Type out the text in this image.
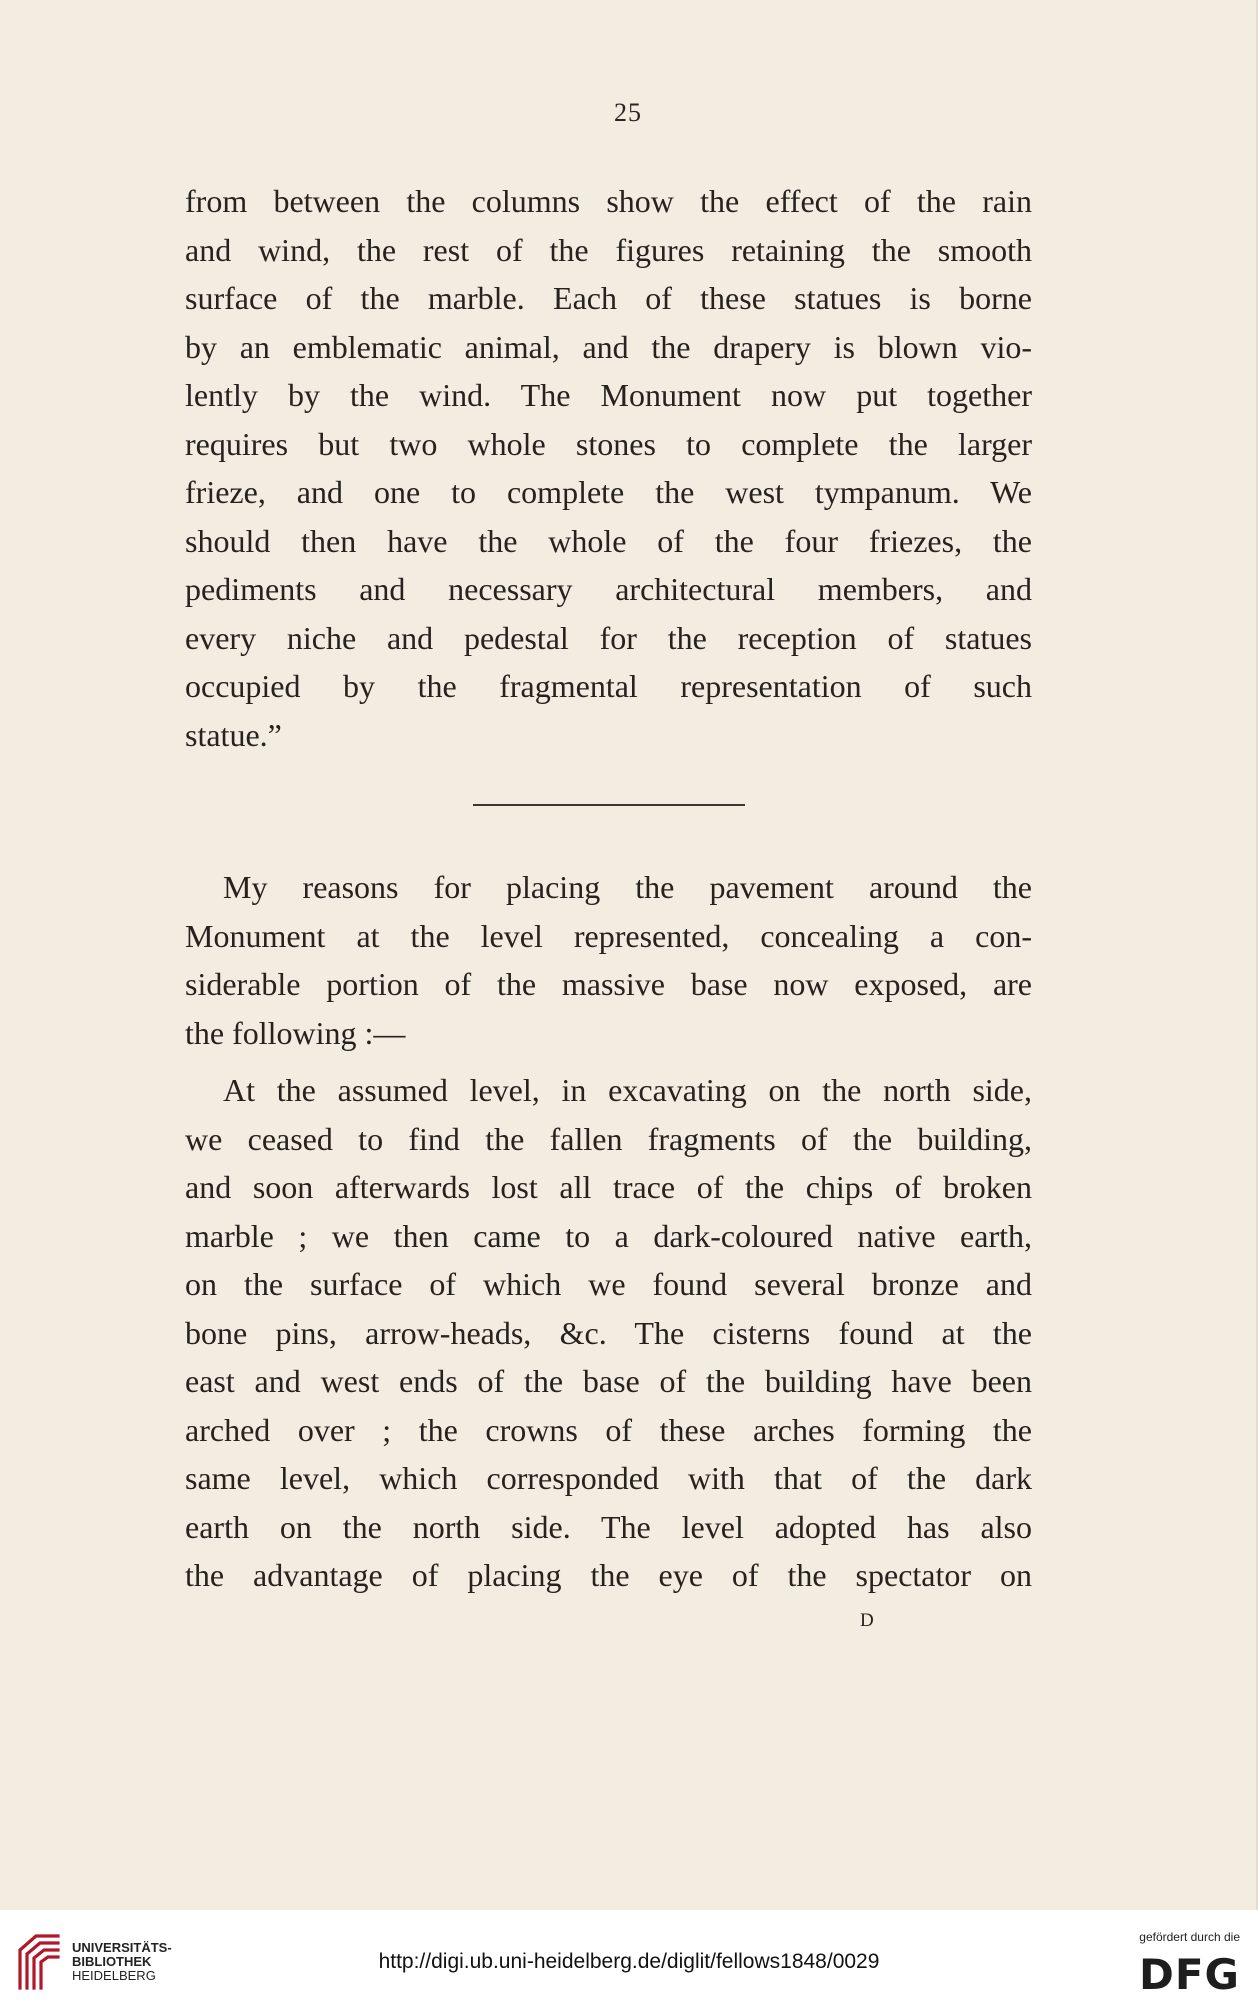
25
from between the columns show the effect of the rain
and wind, the rest of the figures retaining the smooth
surface of the marble. Each of these statues is borne
by an emblematic animal, and the drapery is blown vio-
lently by the wind. The Monument now put together
requires but two whole stones to complete the larger
frieze, and one to complete the west tympanum. We
should then have the whole of the four friezes, the
pediments and necessary architectural members, and
every niche and pedestal for the reception of statues
occupied by the fragmental representation of such
statue.”
My reasons for placing the pavement around the
Monument at the level represented, concealing a con-
siderable portion of the massive base now exposed, are
the following :—
At the assumed level, in excavating on the north side,
we ceased to find the fallen fragments of the building,
and soon afterwards lost all trace of the chips of broken
marble ; we then came to a dark-coloured native earth,
on the surface of which we found several bronze and
bone pins, arrow-heads, &c. The cisterns found at the
east and west ends of the base of the building have been
arched over ; the crowns of these arches forming the
same level, which corresponded with that of the dark
earth on the north side. The level adopted has also
the advantage of placing the eye of the spectator on
D
UNIVERSITÄTS-
BIBLIOTHEK
HEIDELBERG
http://digi.ub.uni-heidelberg.de/diglit/fellows1848/0029
gefördert durch die
DFG
